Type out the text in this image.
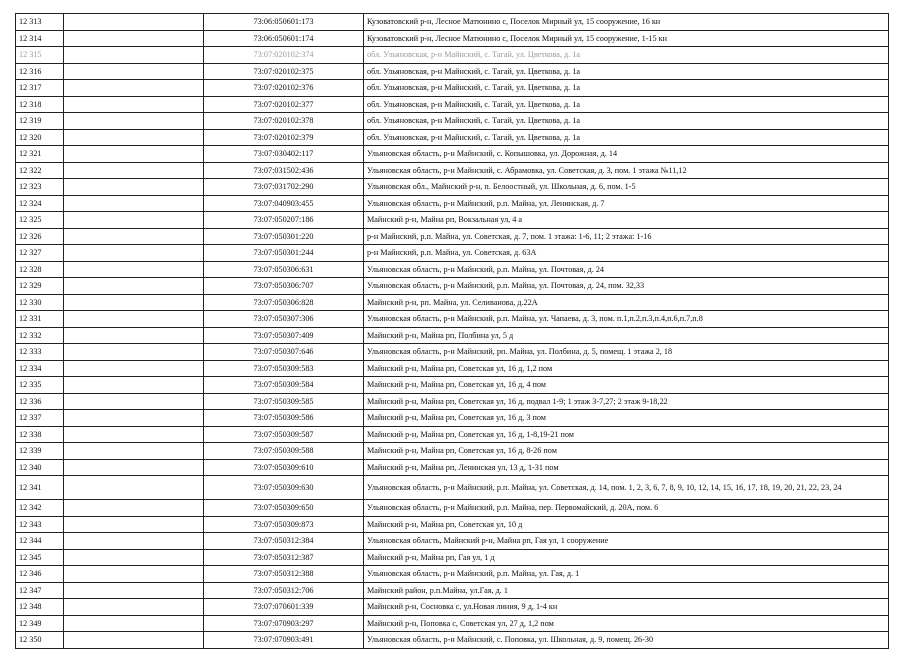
12 313		73:06:050601:173	Кузоватовский р-н, Лесное Матюнино с, Поселок Мирный ул, 15 сооружение, 16 кн
12 314		73:06:050601:174	Кузоватовский р-н, Лесное Матюнино с, Поселок Мирный ул, 15 сооружение, 1-15 кн
12 315		73:07:020102:374	обл. Ульяновская, р-н Майнский, с. Тагай, ул. Цветкова, д. 1а
12 316		73:07:020102:375	обл. Ульяновская, р-н Майнский, с. Тагай, ул. Цветкова, д. 1а
12 317		73:07:020102:376	обл. Ульяновская, р-н Майнский, с. Тагай, ул. Цветкова, д. 1а
12 318		73:07:020102:377	обл. Ульяновская, р-н Майнский, с. Тагай, ул. Цветкова, д. 1а
12 319		73:07:020102:378	обл. Ульяновская, р-н Майнский, с. Тагай, ул. Цветкова, д. 1а
12 320		73:07:020102:379	обл. Ульяновская, р-н Майнский, с. Тагай, ул. Цветкова, д. 1а
12 321		73:07:030402:117	Ульяновская область, р-н Майнский, с. Копышовка, ул. Дорожная, д. 14
12 322		73:07:031502:436	Ульяновская область, р-н Майнский, с. Абрамовка, ул. Советская, д. 3, пом. 1 этажа №11,12
12 323		73:07:031702:290	Ульяновская обл., Майнский р-н, п. Белоостный, ул. Школьная, д. 6, пом. 1-5
12 324		73:07:040903:455	Ульяновская область, р-н Майнский, р.п. Майна, ул. Ленинская, д. 7
12 325		73:07:050207:186	Майнский р-н, Майна рп, Вокзальная ул, 4 а
12 326		73:07:050301:220	р-н Майнский, р.п. Майна, ул. Советская, д. 7, пом. 1 этажа: 1-6, 11; 2 этажа: 1-16
12 327		73:07:050301:244	р-н Майнский, р.п. Майна, ул. Советская, д. 63А
12 328		73:07:050306:631	Ульяновская область, р-н Майнский, р.п. Майна, ул. Почтовая, д. 24
12 329		73:07:050306:707	Ульяновская область, р-н Майнский, р.п. Майна, ул. Почтовая, д. 24, пом. 32,33
12 330		73:07:050306:828	Майнский р-н, рп. Майна, ул. Селиванова, д.22А
12 331		73:07:050307:306	Ульяновская область, р-н Майнский, р.п. Майна, ул. Чапаева, д. 3, пом. п.1,п.2,п.3,п.4,п.6,п.7,п.8
12 332		73:07:050307:409	Майнский р-н, Майна рп, Полбина ул, 5 д
12 333		73:07:050307:646	Ульяновская область, р-н Майнский, рп. Майна, ул. Полбина, д. 5, помещ. 1 этажа 2, 18
12 334		73:07:050309:583	Майнский р-н, Майна рп, Советская ул, 16 д, 1,2 пом
12 335		73:07:050309:584	Майнский р-н, Майна рп, Советская ул, 16 д, 4 пом
12 336		73:07:050309:585	Майнский р-н, Майна рп, Советская ул, 16 д, подвал 1-9; 1 этаж 3-7,27; 2 этаж 9-18,22
12 337		73:07:050309:586	Майнский р-н, Майна рп, Советская ул, 16 д, 3 пом
12 338		73:07:050309:587	Майнский р-н, Майна рп, Советская ул, 16 д, 1-8,19-21 пом
12 339		73:07:050309:588	Майнский р-н, Майна рп, Советская ул, 16 д, 8-26 пом
12 340		73:07:050309:610	Майнский р-н, Майна рп, Ленинская ул, 13 д, 1-31 пом
12 341		73:07:050309:630	Ульяновская область, р-н Майнский, р.п. Майна, ул. Советская, д. 14, пом. 1, 2, 3, 6, 7, 8, 9, 10, 12, 14, 15, 16, 17, 18, 19, 20, 21, 22, 23, 24
12 342		73:07:050309:650	Ульяновская область, р-н Майнский, р.п. Майна, пер. Первомайский, д. 20А, пом. 6
12 343		73:07:050309:873	Майнский р-н, Майна рп, Советская ул, 10 д
12 344		73:07:050312:384	Ульяновская область, Майнский р-н, Майна рп, Гая ул, 1 сооружение
12 345		73:07:050312:387	Майнский р-н, Майна рп, Гая ул, 1 д
12 346		73:07:050312:388	Ульяновская область, р-н Майнский, р.п. Майна, ул. Гая, д. 1
12 347		73:07:050312:706	Майнский район, р.п.Майна, ул.Гая, д. 1
12 348		73:07:070601:339	Майнский р-н, Сосновка с, ул.Новая линия, 9 д, 1-4 кн
12 349		73:07:070903:297	Майнский р-н, Поповка с, Советская ул, 27 д, 1,2 пом
12 350		73:07:070903:491	Ульяновская область, р-н Майнский, с. Поповка, ул. Школьная, д. 9, помещ. 26-30
